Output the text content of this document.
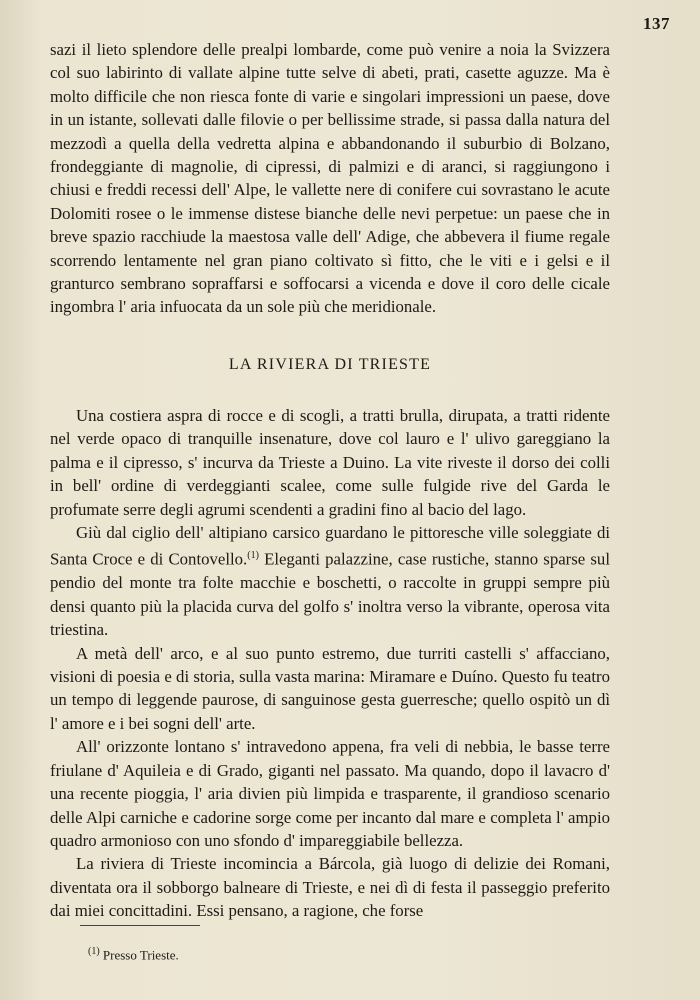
137

sazi il lieto splendore delle prealpi lombarde, come può venire a noia la Svizzera col suo labirinto di vallate alpine tutte selve di abeti, prati, casette aguzze. Ma è molto difficile che non riesca fonte di varie e singolari impressioni un paese, dove in un istante, sollevati dalle filovie o per bellissime strade, si passa dalla natura del mezzodì a quella della vedretta alpina e abbandonando il suburbio di Bolzano, frondeggiante di magnolie, di cipressi, di palmizi e di aranci, si raggiungono i chiusi e freddi recessi dell' Alpe, le vallette nere di conifere cui sovrastano le acute Dolomiti rosee o le immense distese bianche delle nevi perpetue: un paese che in breve spazio racchiude la maestosa valle dell' Adige, che abbevera il fiume regale scorrendo lentamente nel gran piano coltivato sì fitto, che le viti e i gelsi e il granturco sembrano sopraffarsi e soffocarsi a vicenda e dove il coro delle cicale ingombra l' aria infuocata da un sole più che meridionale.

LA RIVIERA DI TRIESTE

Una costiera aspra di rocce e di scogli, a tratti brulla, dirupata, a tratti ridente nel verde opaco di tranquille insenature, dove col lauro e l' ulivo gareggiano la palma e il cipresso, s' incurva da Trieste a Duino. La vite riveste il dorso dei colli in bell' ordine di verdeggianti scalee, come sulle fulgide rive del Garda le profumate serre degli agrumi scendenti a gradini fino al bacio del lago.

Giù dal ciglio dell' altipiano carsico guardano le pittoresche ville soleggiate di Santa Croce e di Contovello.$^{(1)}$ Eleganti palazzine, case rustiche, stanno sparse sul pendio del monte tra folte macchie e boschetti, o raccolte in gruppi sempre più densi quanto più la placida curva del golfo s' inoltra verso la vibrante, operosa vita triestina.

A metà dell' arco, e al suo punto estremo, due turriti castelli s' affacciano, visioni di poesia e di storia, sulla vasta marina: Miramare e Duíno. Questo fu teatro un tempo di leggende paurose, di sanguinose gesta guerresche; quello ospitò un dì l' amore e i bei sogni dell' arte.

All' orizzonte lontano s' intravedono appena, fra veli di nebbia, le basse terre friulane d' Aquileia e di Grado, giganti nel passato. Ma quando, dopo il lavacro d' una recente pioggia, l' aria divien più limpida e trasparente, il grandioso scenario delle Alpi carniche e cadorine sorge come per incanto dal mare e completa l' ampio quadro armonioso con uno sfondo d' impareggiabile bellezza.

La riviera di Trieste incomincia a Bárcola, già luogo di delizie dei Romani, diventata ora il sobborgo balneare di Trieste, e nei dì di festa il passeggio preferito dai miei concittadini. Essi pensano, a ragione, che forse

$^{(1)}$ Presso Trieste.
